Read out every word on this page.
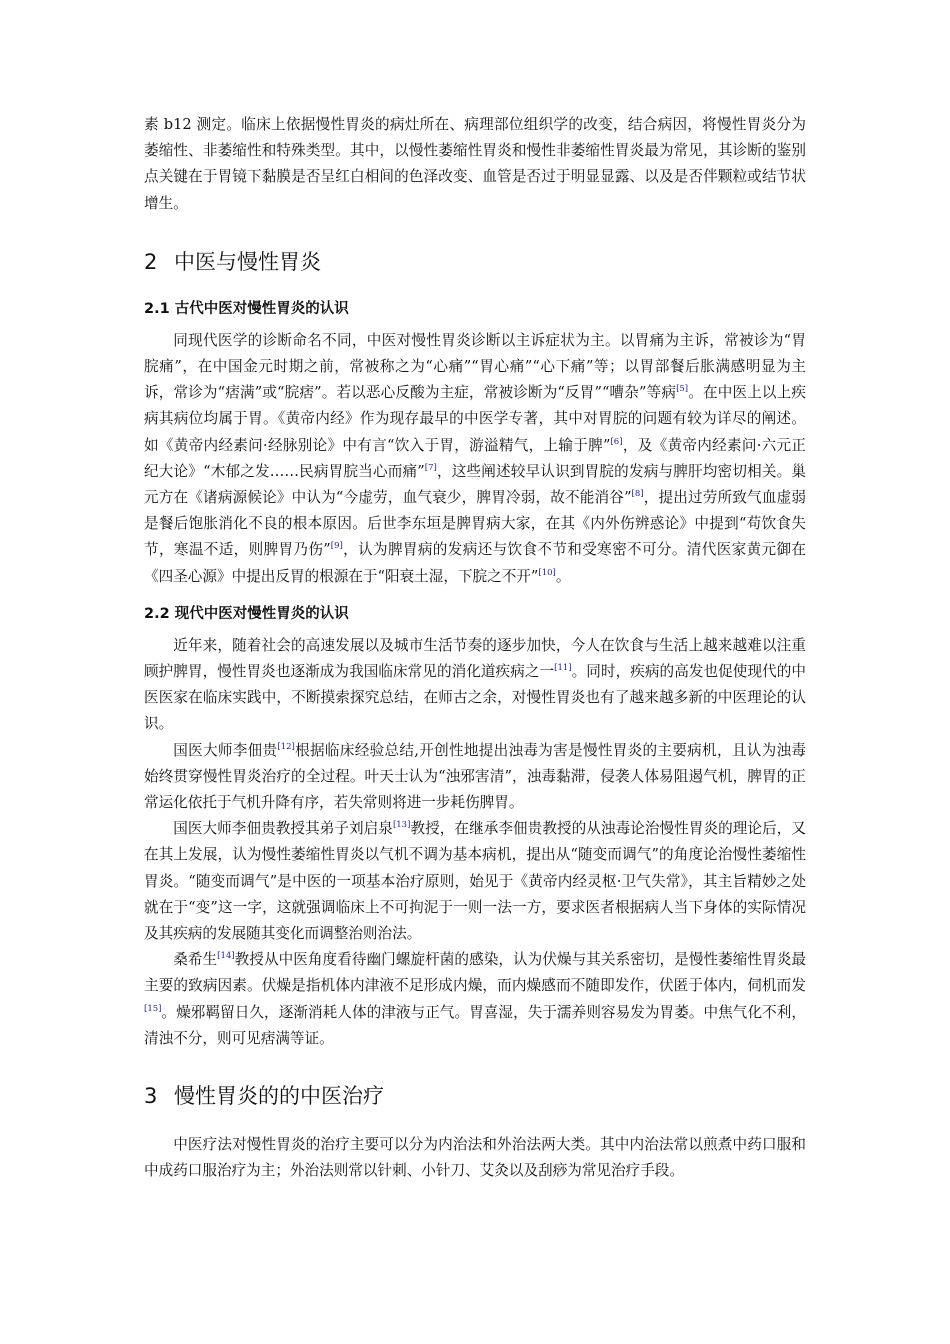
素 b12 测定。临床上依据慢性胃炎的病灶所在、病理部位组织学的改变，结合病因，将慢性胃炎分为萎缩性、非萎缩性和特殊类型。其中，以慢性萎缩性胃炎和慢性非萎缩性胃炎最为常见，其诊断的鉴别点关键在于胃镜下黏膜是否呈红白相间的色泽改变、血管是否过于明显显露、以及是否伴颗粒或结节状增生。

2 中医与慢性胃炎
2.1 古代中医对慢性胃炎的认识

同现代医学的诊断命名不同，中医对慢性胃炎诊断以主诉症状为主。以胃痛为主诉，常被诊为“胃脘痛”，在中国金元时期之前，常被称之为“心痛”“胃心痛”“心下痛”等；以胃部餐后胀满感明显为主诉，常诊为“痞满”或“脘痞”。若以恶心反酸为主症，常被诊断为“反胃”“嘈杂”等病[5]。在中医上以上疾病其病位均属于胃。《黄帝内经》作为现存最早的中医学专著，其中对胃脘的问题有较为详尽的阐述。如《黄帝内经素问·经脉别论》中有言“饮入于胃，游溢精气，上输于脾”[6]，及《黄帝内经素问·六元正纪大论》“木郁之发……民病胃脘当心而痛”[7]，这些阐述较早认识到胃脘的发病与脾肝均密切相关。巢元方在《诸病源候论》中认为“今虚劳，血气衰少，脾胃冷弱，故不能消谷”[8]，提出过劳所致气血虚弱是餐后饱胀消化不良的根本原因。后世李东垣是脾胃病大家，在其《内外伤辨惑论》中提到“苟饮食失节，寒温不适，则脾胃乃伤”[9]，认为脾胃病的发病还与饮食不节和受寒密不可分。清代医家黄元御在《四圣心源》中提出反胃的根源在于“阳衰土湿，下脘之不开”[10]。

2.2 现代中医对慢性胃炎的认识

近年来，随着社会的高速发展以及城市生活节奏的逐步加快，今人在饮食与生活上越来越难以注重顾护脾胃，慢性胃炎也逐渐成为我国临床常见的消化道疾病之一[11]。同时，疾病的高发也促使现代的中医医家在临床实践中，不断摸索探究总结，在师古之余，对慢性胃炎也有了越来越多新的中医理论的认识。

国医大师李佃贵[12]根据临床经验总结,开创性地提出浊毒为害是慢性胃炎的主要病机，且认为浊毒始终贯穿慢性胃炎治疗的全过程。叶天士认为“浊邪害清”，浊毒黏滞，侵袭人体易阻遏气机，脾胃的正常运化依托于气机升降有序，若失常则将进一步耗伤脾胃。

国医大师李佃贵教授其弟子刘启泉[13]教授，在继承李佃贵教授的从浊毒论治慢性胃炎的理论后，又在其上发展，认为慢性萎缩性胃炎以气机不调为基本病机，提出从“随变而调气”的角度论治慢性萎缩性胃炎。“随变而调气”是中医的一项基本治疗原则，始见于《黄帝内经灵枢·卫气失常》，其主旨精妙之处就在于“变”这一字，这就强调临床上不可拘泥于一则一法一方，要求医者根据病人当下身体的实际情况及其疾病的发展随其变化而调整治则治法。

桑希生[14]教授从中医角度看待幽门螺旋杆菌的感染，认为伏燥与其关系密切，是慢性萎缩性胃炎最主要的致病因素。伏燥是指机体内津液不足形成内燥，而内燥感而不随即发作，伏匿于体内，伺机而发[15]。燥邪羁留日久，逐渐消耗人体的津液与正气。胃喜湿，失于濡养则容易发为胃萎。中焦气化不利，清浊不分，则可见痞满等证。

3 慢性胃炎的的中医治疗

中医疗法对慢性胃炎的治疗主要可以分为内治法和外治法两大类。其中内治法常以煎煮中药口服和中成药口服治疗为主；外治法则常以针刺、小针刀、艾灸以及刮痧为常见治疗手段。
